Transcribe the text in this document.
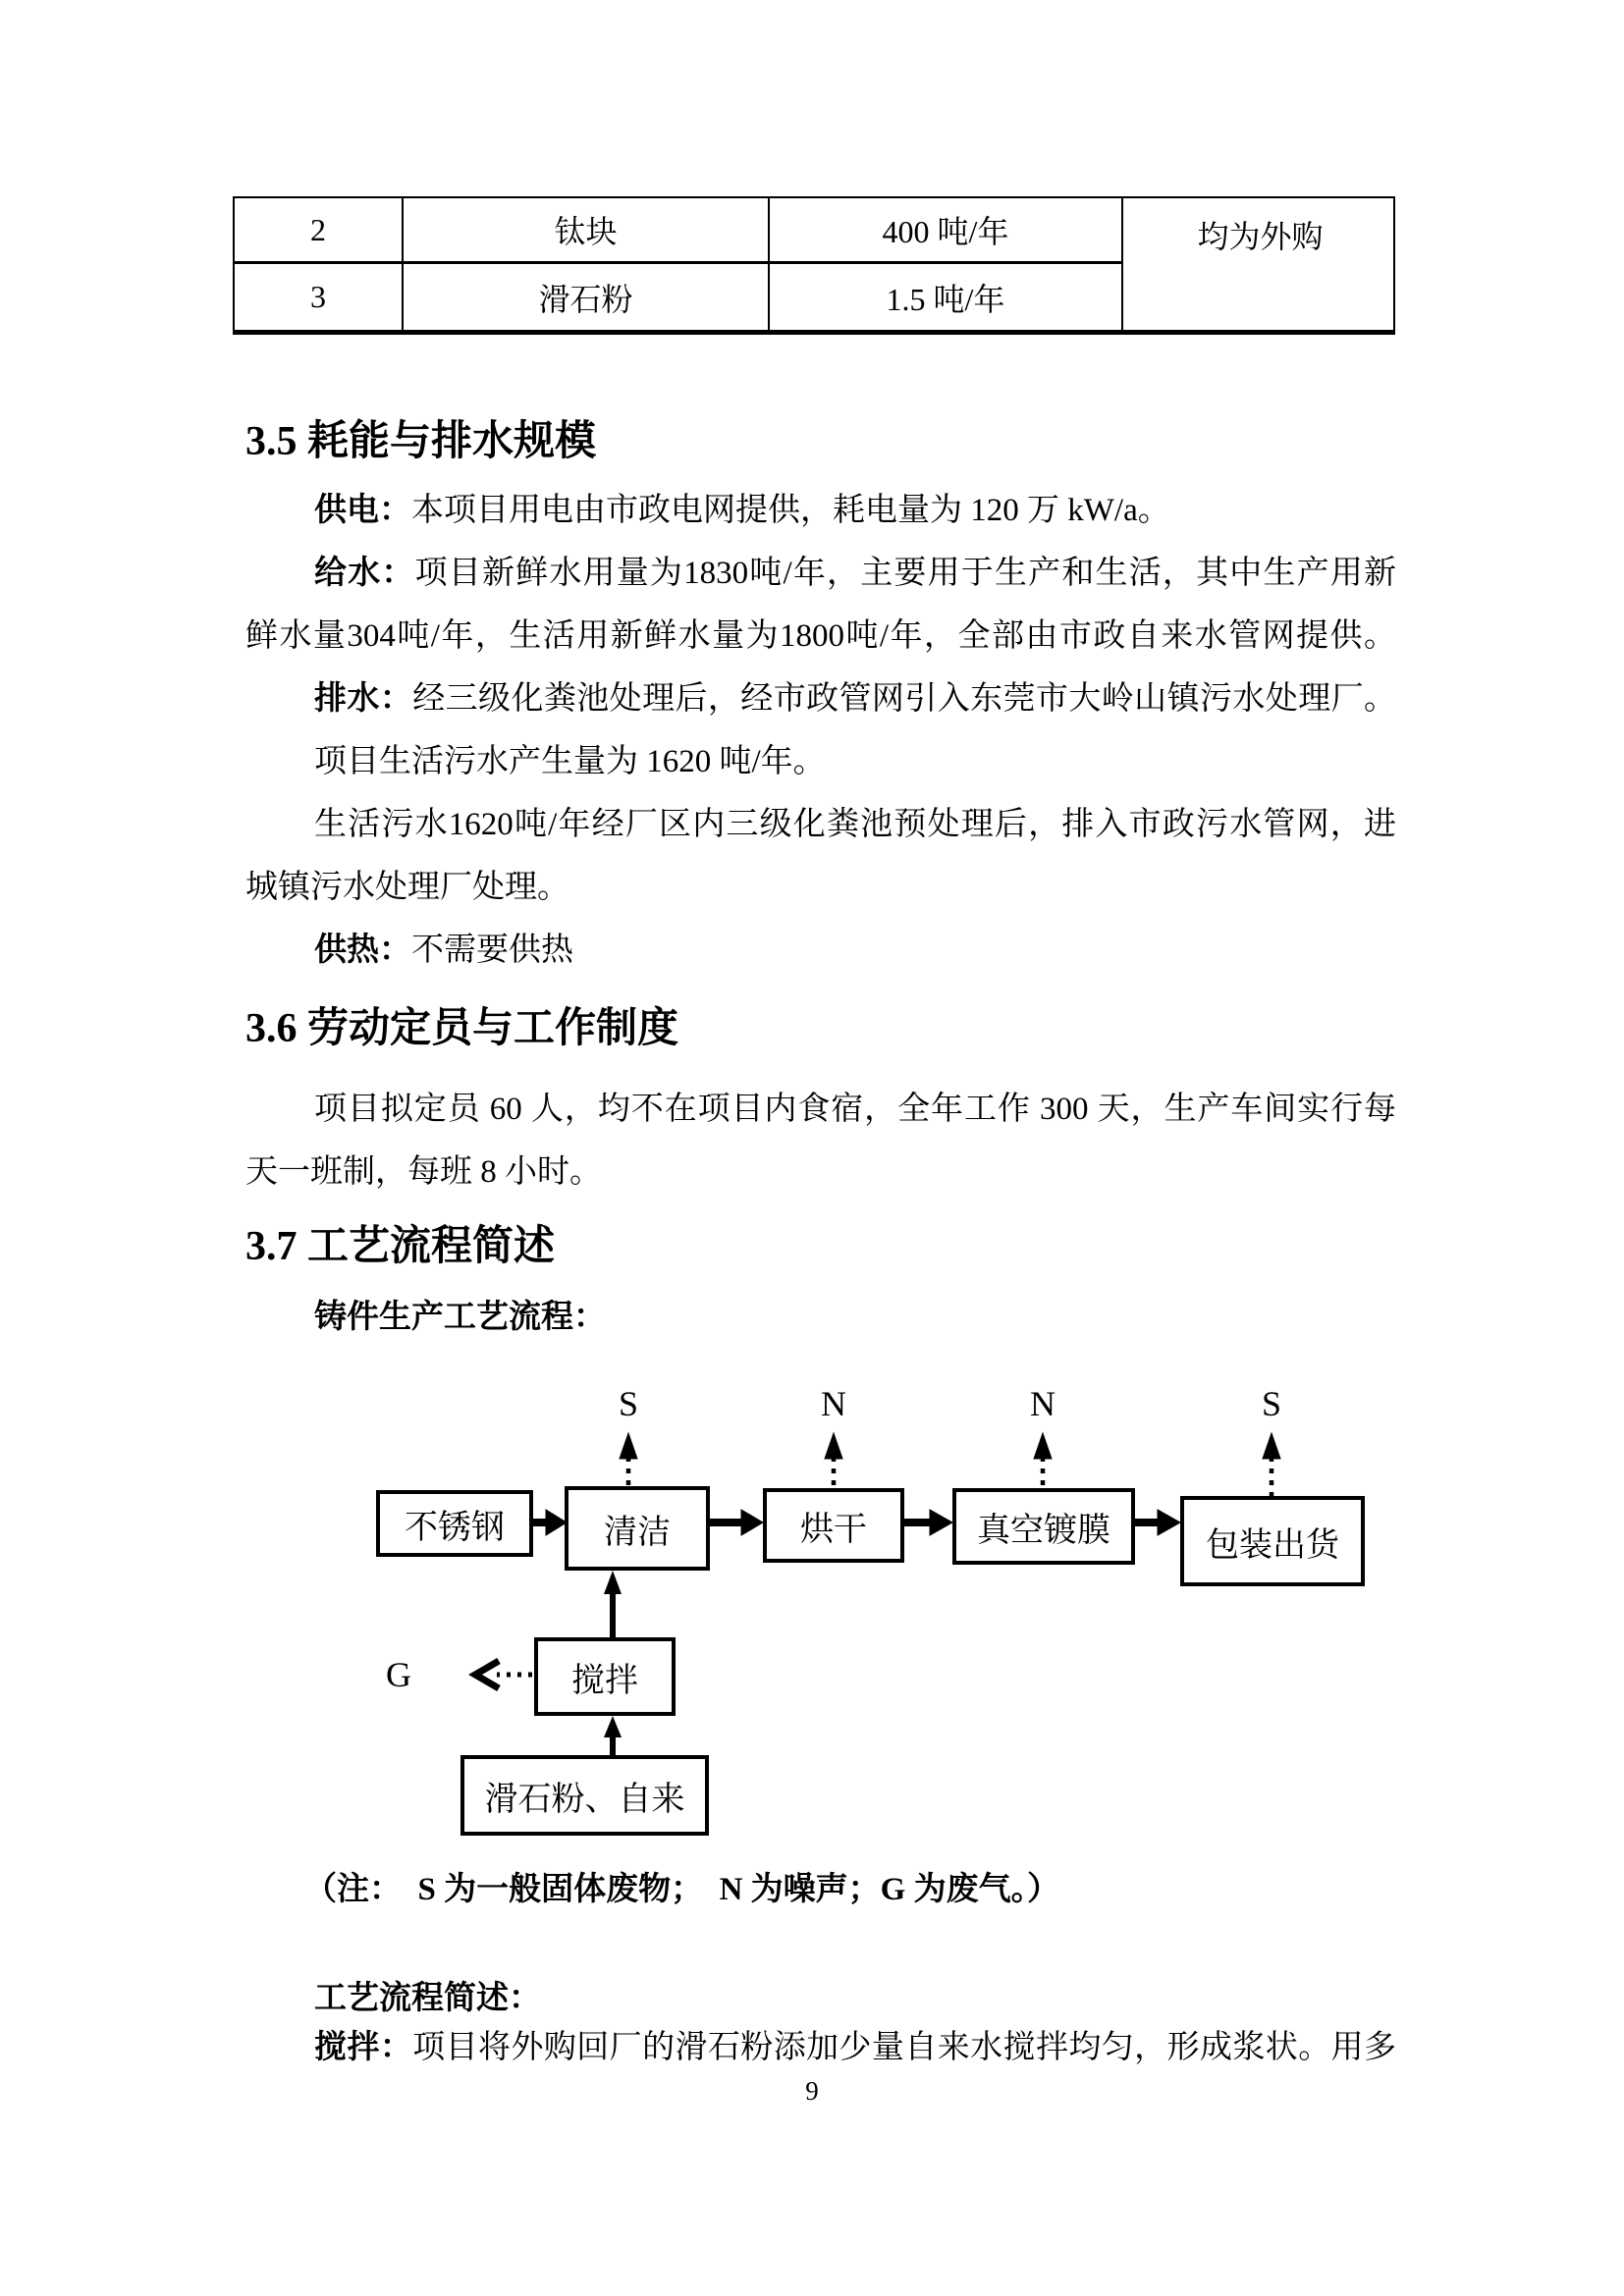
2	钛块	400 吨/年	均为外购
3	滑石粉	1.5 吨/年
3.5 耗能与排水规模
供电：本项目用电由市政电网提供，耗电量为 120 万 kW/a。
给水：项目新鲜水用量为1830吨/年，主要用于生产和生活，其中生产用新
鲜水量304吨/年，生活用新鲜水量为1800吨/年，全部由市政自来水管网提供。
排水：经三级化粪池处理后，经市政管网引入东莞市大岭山镇污水处理厂。
项目生活污水产生量为 1620 吨/年。
生活污水1620吨/年经厂区内三级化粪池预处理后，排入市政污水管网，进
城镇污水处理厂处理。
供热：不需要供热
3.6 劳动定员与工作制度
项目拟定员 60 人，均不在项目内食宿，全年工作 300 天，生产车间实行每
天一班制，每班 8 小时。
3.7 工艺流程简述
铸件生产工艺流程：
S	N	N	S
G
不锈钢	清洁	烘干	真空镀膜	包装出货
搅拌
滑石粉、自来
（注：  S 为一般固体废物；  N 为噪声；G 为废气。）
工艺流程简述：
搅拌：项目将外购回厂的滑石粉添加少量自来水搅拌均匀，形成浆状。用多
9
